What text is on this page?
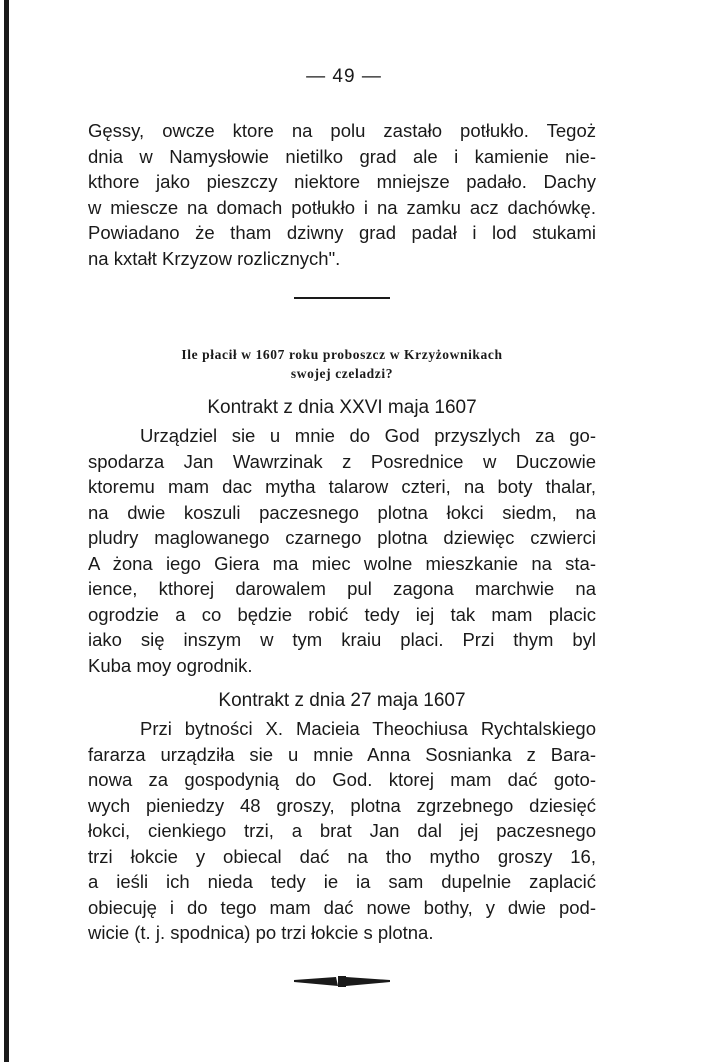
— 49 —
Gęssy, owcze ktore na polu zastało potłukło. Tegoż
dnia w Namysłowie nietilko grad ale i kamienie nie-
kthore jako pieszczy niektore mniejsze padało. Dachy
w miescze na domach potłukło i na zamku acz dachówkę.
Powiadano że tham dziwny grad padał i lod stukami
na kxtałt Krzyzow rozlicznych".
Ile płacił w 1607 roku proboszcz w Krzyżownikach
swojej czeladzi?
Kontrakt z dnia XXVI maja 1607
Urządziel sie u mnie do God przyszlych za go-
spodarza Jan Wawrzinak z Posrednice w Duczowie
ktoremu mam dac mytha talarow czteri, na boty thalar,
na dwie koszuli paczesnego plotna łokci siedm, na
pludry maglowanego czarnego plotna dziewięc czwierci
A żona iego Giera ma miec wolne mieszkanie na sta-
ience, kthorej darowalem pul zagona marchwie na
ogrodzie a co będzie robić tedy iej tak mam placic
iako się inszym w tym kraiu placi. Przi thym byl
Kuba moy ogrodnik.
Kontrakt z dnia 27 maja 1607
Przi bytności X. Macieia Theochiusa Rychtalskiego
fararza urządziła sie u mnie Anna Sosnianka z Bara-
nowa za gospodynią do God. ktorej mam dać goto-
wych pieniedzy 48 groszy, plotna zgrzebnego dziesięć
łokci, cienkiego trzi, a brat Jan dal jej paczesnego
trzi łokcie y obiecal dać na tho mytho groszy 16,
a ieśli ich nieda tedy ie ia sam dupelnie zaplacić
obiecuję i do tego mam dać nowe bothy, y dwie pod-
wicie (t. j. spodnica) po trzi łokcie s plotna.
